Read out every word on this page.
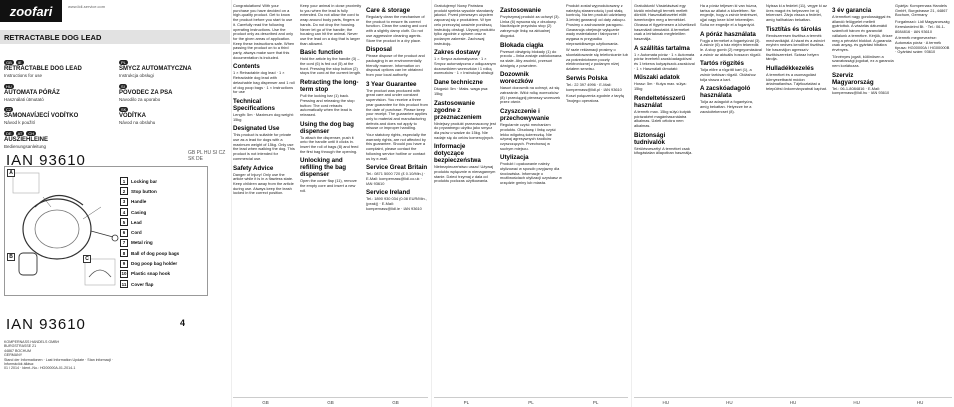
zoofari	www.lidl-service.com
RETRACTABLE DOG LEAD
GB	IE
RETRACTABLE DOG LEAD
Instructions for use
PL
SMYCZ AUTOMATYCZNA
Instrukcja obsługi
HU
AUTOMATA PÓRÁZ
Használati útmutató
SI
POVODEC ZA PSA
Navodilo za uporabo
CZ
SAMONAVÍJECÍ VODÍTKO
Návod k použití
SK
VODÍTKA
Návod na obsluhu
DE	AT	CH
AUSZIEHLEINE
Bedienungsanleitung
IAN 93610	GB PL HU SI CZ SK DE
A
B	C
1	Locking bar
2	Stop button
3	Handle
4	Casing
5	Lead
6	Cord
7	Metal ring
8	Ball of dog poop bags
9	Dog poop bag holder
10 Plastic snap hook
11	Cover flap
IAN 93610	4
KOMPERNASS HANDELS GMBH
BURGSTRASSE 21
44867 BOCHUM
GERMANY
Stand der Informationen · Last Information Update · Stan informacji · Információk állása:
01 / 2014 · Ident.-No.: HG00000A-01-2014-1

Congratulations! With your purchase you have decided on a high-quality product. Get to know the product before you start to use it. Carefully read the following operating instructions. Use the product only as described and only for the given areas of application. Keep these instructions safe. When passing the product on to a third party, always make sure that this documentation is included.

Contents

1 × Retractable dog lead · 1 × Retractable dog lead with detachable bag dispenser and 1 roll of dog poop bags · 1 × Instructions for use

Technical Specifications

Length: 5m · Maximum dog weight: 15kg

Designated Use

This product is suitable for private use as a lead for dogs with a maximum weight of 15kg. Only use the lead when walking the dog. This product is not intended for commercial use.

Safety Advice

Danger of Injury! Only use the article while it is in a flawless state. Keep children away from the article during use. Always keep the leash locked in the correct position.

Keep your animal in close proximity to you when the lead is fully extended. Do not allow the cord to wrap around body parts, fingers or hands. Do not drop the housing. Never let go of the handle; the housing can hit the animal. Never use the lead on a dog that is larger than allowed.

Basic function

Hold the article by the handle (3) – the cord (6) is fed out (5) at the front. Pressing the stop button (2) stops the cord at the current length.

Retracting the long-term stop

Pull the locking bar (1) back. Pressing and releasing the stop button: The cord retracts automatically when the lead is released.

Using the dog bag dispenser

To attach the dispenser, push it onto the handle until it clicks in. Insert the roll of bags (8) and feed the first bag through the opening.

Unlocking and refilling the bag dispenser

Open the cover flap (11), remove the empty core and insert a new roll.

Care & storage

Regularly clean the mechanism of the product to ensure its correct function. Clean the casing and cord with a slightly damp cloth. Do not use aggressive cleaning agents. Store the product in a dry place.

Disposal

Please dispose of the product and packaging in an environmentally friendly manner. Information on disposal options can be obtained from your local authority.

3 Year Guarantee

The product was produced with great care and under constant supervision. You receive a three year guarantee for this product from the date of purchase. Please keep your receipt. The guarantee applies only to material and manufacturing defects and does not apply to misuse or improper handling.

Your statutory rights, especially the warranty rights, are not affected by this guarantee. Should you have a complaint, please contact the following service hotline or contact us by e-mail.

Service Great Britain

Tel.: 0871 5000 720 (£ 0.10/Min.) · E-Mail: kompernass@lidl.co.uk · IAN 93610

Service Ireland

Tel.: 1890 930 034 (0.08 EUR/Min., (peak)) · E-Mail: kompernass@lidl.ie · IAN 93610

Gratulujemy! Nowy Państwa produkt spełnia wysokie standardy jakości. Przed pierwszym użyciem zapoznaj się z produktem. W tym celu przeczytaj uważnie poniższą instrukcję obsługi. Używaj produktu tylko zgodnie z opisem oraz w podanym zakresie. Zachowaj instrukcję.

Zakres dostawy

1 × Smycz automatyczna · 1 × Smycz automatyczna z odłączanym dozownikiem woreczków i 1 rolką woreczków · 1 × Instrukcja obsługi

Dane techniczne

Długość: 5m · Maks. waga psa: 15kg

Zastosowanie zgodne z przeznaczeniem

Niniejszy produkt przeznaczony jest do prywatnego użytku jako smycz dla psów o wadze do 15kg. Nie nadaje się do celów komercyjnych.

Informacje dotyczące bezpieczeństwa

Niebezpieczeństwo urazu! Używaj produktu wyłącznie w nienagannym stanie. Dzieci trzymaj z dala od produktu podczas użytkowania.

Zastosowanie

Przytrzymaj produkt za uchwyt (3). Linka (6) wysuwa się z obudowy. Naciśnięcie przycisku stop (2) zatrzymuje linkę na aktualnej długości.

Blokada ciągła

Przesuń dźwignię blokady (1) do przodu – linka zostaje zablokowana na stałe. Aby zwolnić, przesuń dźwignię z powrotem.

Dozownik woreczków

Nasuń dozownik na uchwyt, aż się zatrzaśnie. Włóż rolkę woreczków (8) i przeciągnij pierwszy woreczek przez otwór.

Czyszczenie i przechowywanie

Regularnie czyść mechanizm produktu. Obudowę i linkę czyść lekko wilgotną ściereczką. Nie używaj agresywnych środków czyszczących. Przechowuj w suchym miejscu.

Utylizacja

Produkt i opakowanie należy utylizować w sposób przyjazny dla środowiska. Informacje o możliwościach utylizacji uzyskasz w urzędzie gminy lub miasta.

Produkt został wyprodukowany z należytą starannością i pod stałą kontrolą. Na ten produkt udzielamy 3-letniej gwarancji od daty zakupu. Prosimy o zachowanie paragonu. Gwarancja obejmuje wyłącznie wady materiałowe i fabryczne i wygasa w przypadku nieprawidłowego użytkowania.

W razie reklamacji prosimy o skontaktowanie się telefonicznie lub za pośrednictwem poczty elektronicznej z podanym niżej działem serwisu.

Serwis Polska

Tel.: 22 397 4996 · E-Mail: kompernass@lidl.pl · IAN 93610

Koszt połączenia zgodnie z taryfą Twojego operatora.

Gratulálunk! Vásárlásával egy kiváló minőségű termék mellett döntött. Használatbavétel előtt ismerkedjen meg a termékkel. Olvassa el figyelmesen a következő használati útmutatót. A terméket csak a leírtaknak megfelelően használja.

A szállítás tartalma

1 × Automata póráz · 1 × Automata póráz levehető zacskóadagolóval és 1 tekercs kutyapiszok-zacskóval · 1 × Használati útmutató

Műszaki adatok

Hossz: 5m · Kutya max. súlya: 15kg

Rendeltetésszerű használat

A termék max. 15kg súlyú kutyák pórázaként magánhasználatra alkalmas. Üzleti célokra nem alkalmas.

Biztonsági tudnivalók

Sérülésveszély! A terméket csak kifogástalan állapotban használja.

Ha a póráz teljesen ki van húzva, tartsa az állatot a közelében. Ne engedje, hogy a zsinór testrészei, ujjai vagy keze köré tekeredjen. Soha ne engedje el a fogantyút.

A póráz használata

Fogja a terméket a fogantyúnál (3). A zsinór (6) a ház elején tekeredik le. A stop gomb (2) megnyomásával a zsinór az aktuális hosszon rögzül.

Tartós rögzítés

Tolja előre a rögzítő kart (1), a zsinór tartósan rögzül. Oldáshoz tolja vissza a kart.

A zacskóadagoló használata

Tolja az adagolót a fogantyúra, amíg bekattan. Helyezze be a zacskótekercset (8).

Nyissa ki a fedelet (11), vegye ki az üres magot és helyezzen be új tekercset. Zárja vissza a fedelet, amíg hallhatóan bekattan.

Tisztítás és tárolás

Rendszeresen tisztítsa a termék mechanikáját. A házat és a zsinórt enyhén nedves kendővel tisztítsa. Ne használjon agresszív tisztítószereket. Száraz helyen tárolja.

Hulladékkezelés

A terméket és a csomagolást környezetbarát módon ártalmatlanítsa. Tájékoztatást a települési önkormányzatnál kaphat.

3 év garancia

A terméket nagy gondossággal és állandó felügyelet mellett gyártottuk. A vásárlás dátumától számított három év garanciát vállalunk a termékre. Kérjük, őrizze meg a pénztári blokkot. A garancia csak anyag- és gyártási hibákra érvényes.

Törvényes jogait, különösen a szavatossági jogokat, ez a garancia nem korlátozza.

Szerviz Magyarország

Tel.: 06-1-8084816 · E-Mail: kompernass@lidl.hu · IAN 93610

Gyártja: Kompernass Handels GmbH, Burgstrasse 21, 44867 Bochum, Germany

Forgalmazó: Lidl Magyarország Kereskedelmi Bt. · Tel.: 06-1-8084816 · IAN 93610

A termék megnevezése: Automata póráz · A termék típusa: HG00000A / HG00000B · Gyártási szám: 93610

GB	GB	GB	PL	PL	PL	HU	HU	HU	HU	HU
